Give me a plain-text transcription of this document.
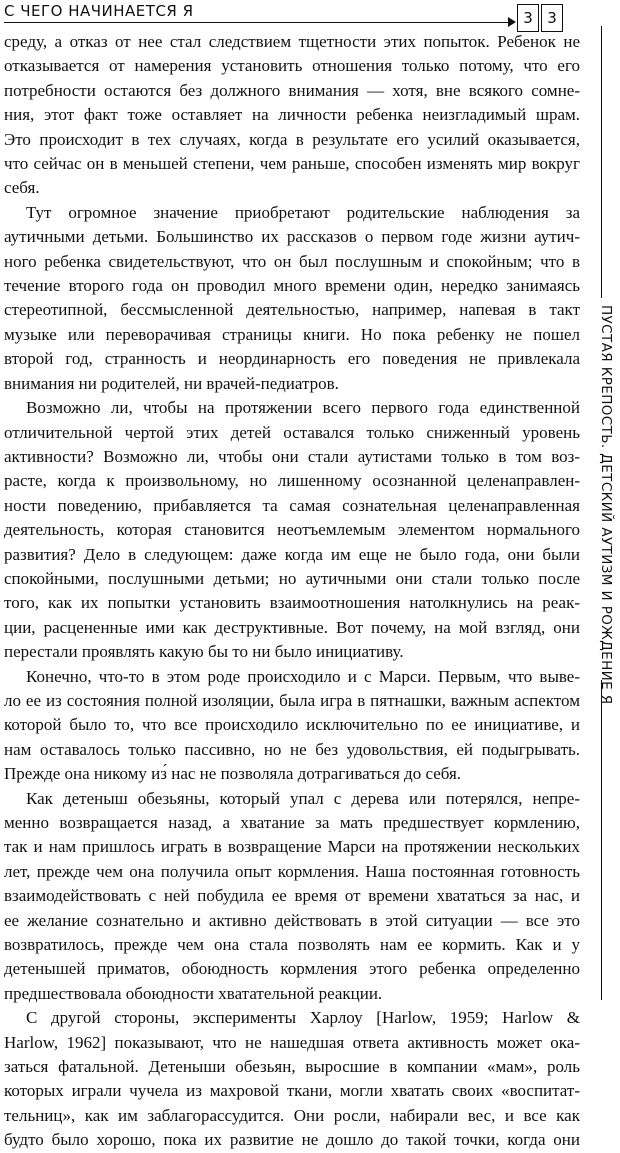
С ЧЕГО НАЧИНАЕТСЯ Я	3 3
ПУСТАЯ КРЕПОСТЬ. ДЕТСКИЙ АУТИЗМ И РОЖДЕНИЕ Я

среду, а отказ от нее стал следствием тщетности этих попыток. Ребенок не

отказывается от намерения установить отношения только потому, что его

потребности остаются без должного внимания — хотя, вне всякого сомне-

ния, этот факт тоже оставляет на личности ребенка неизгладимый шрам.

Это происходит в тех случаях, когда в результате его усилий оказывается,

что сейчас он в меньшей степени, чем раньше, способен изменять мир вокруг

себя.

Тут огромное значение приобретают родительские наблюдения за

аутичными детьми. Большинство их рассказов о первом годе жизни аутич-

ного ребенка свидетельствуют, что он был послушным и спокойным; что в

течение второго года он проводил много времени один, нередко занимаясь

стереотипной, бессмысленной деятельностью, например, напевая в такт

музыке или переворачивая страницы книги. Но пока ребенку не пошел

второй год, странность и неординарность его поведения не привлекала

внимания ни родителей, ни врачей-педиатров.

Возможно ли, чтобы на протяжении всего первого года единственной

отличительной чертой этих детей оставался только сниженный уровень

активности? Возможно ли, чтобы они стали аутистами только в том воз-

расте, когда к произвольному, но лишенному осознанной целенаправлен-

ности поведению, прибавляется та самая сознательная целенаправленная

деятельность, которая становится неотъемлемым элементом нормального

развития? Дело в следующем: даже когда им еще не было года, они были

спокойными, послушными детьми; но аутичными они стали только после

того, как их попытки установить взаимоотношения натолкнулись на реак-

ции, расцененные ими как деструктивные. Вот почему, на мой взгляд, они

перестали проявлять какую бы то ни было инициативу.

Конечно, что-то в этом роде происходило и с Марси. Первым, что выве-

ло ее из состояния полной изоляции, была игра в пятнашки, важным аспектом

которой было то, что все происходило исключительно по ее инициативе, и

нам оставалось только пассивно, но не без удовольствия, ей подыгрывать.

Прежде она никому из́ нас не позволяла дотрагиваться до себя.

Как детеныш обезьяны, который упал с дерева или потерялся, непре-

менно возвращается назад, а хватание за мать предшествует кормлению,

так и нам пришлось играть в возвращение Марси на протяжении нескольких

лет, прежде чем она получила опыт кормления. Наша постоянная готовность

взаимодействовать с ней побудила ее время от времени хвататься за нас, и

ее желание сознательно и активно действовать в этой ситуации — все это

возвратилось, прежде чем она стала позволять нам ее кормить. Как и у

детенышей приматов, обоюдность кормления этого ребенка определенно

предшествовала обоюдности хватательной реакции.

С другой стороны, эксперименты Харлоу [Harlow, 1959; Harlow &

Harlow, 1962] показывают, что не нашедшая ответа активность может ока-

заться фатальной. Детеныши обезьян, выросшие в компании «мам», роль

которых играли чучела из махровой ткани, могли хватать своих «воспитат-

тельниц», как им заблагорассудится. Они росли, набирали вес, и все как

будто было хорошо, пока их развитие не дошло до такой точки, когда они
